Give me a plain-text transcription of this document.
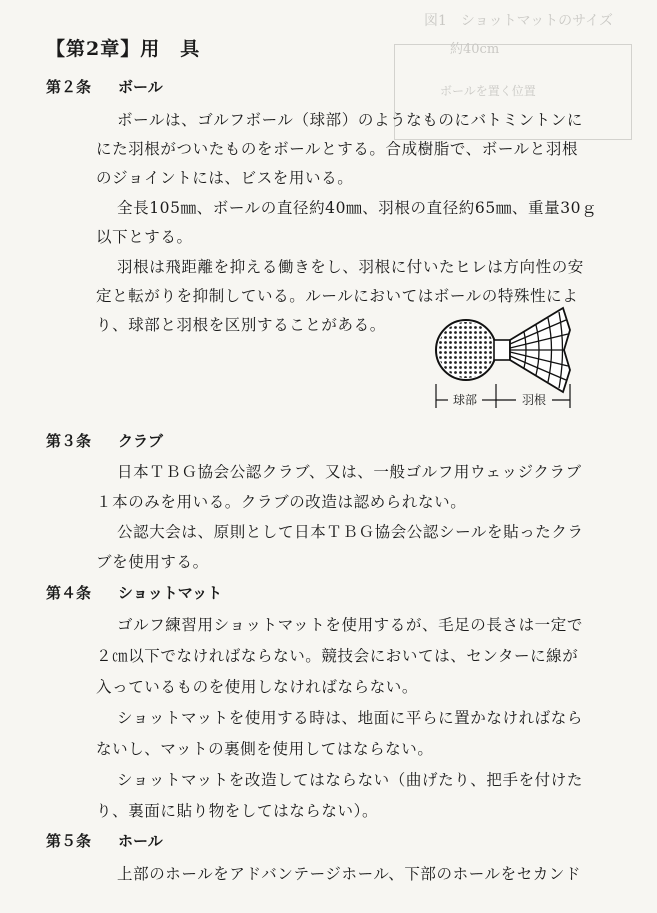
図1　ショットマットのサイズ
約40cm
ボールを置く位置
【第2章】用　具
第２条 ボール
ボールは、ゴルフボール（球部）のようなものにバトミントンに
にた羽根がついたものをボールとする。合成樹脂で、ボールと羽根
のジョイントには、ビスを用いる。
全長105㎜、ボールの直径約40㎜、羽根の直径約65㎜、重量30ｇ
以下とする。
羽根は飛距離を抑える働きをし、羽根に付いたヒレは方向性の安
定と転がりを抑制している。ルールにおいてはボールの特殊性によ
り、球部と羽根を区別することがある。
球部	羽根
第３条 クラブ
日本ＴＢＧ協会公認クラブ、又は、一般ゴルフ用ウェッジクラブ
１本のみを用いる。クラブの改造は認められない。
公認大会は、原則として日本ＴＢＧ協会公認シールを貼ったクラ
ブを使用する。
第４条 ショットマット
ゴルフ練習用ショットマットを使用するが、毛足の長さは一定で
２㎝以下でなければならない。競技会においては、センターに線が
入っているものを使用しなければならない。
ショットマットを使用する時は、地面に平らに置かなければなら
ないし、マットの裏側を使用してはならない。
ショットマットを改造してはならない（曲げたり、把手を付けた
り、裏面に貼り物をしてはならない）。
第５条 ホール
上部のホールをアドバンテージホール、下部のホールをセカンド
